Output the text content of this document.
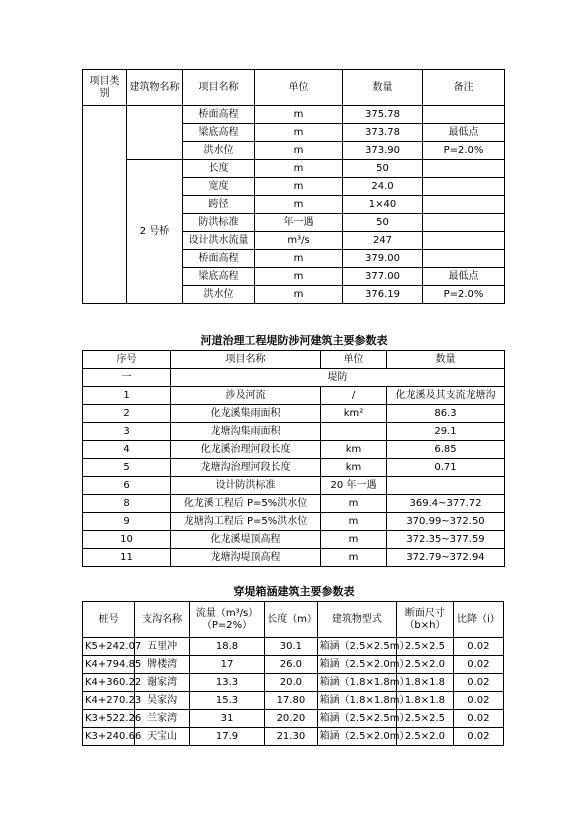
项目类别	建筑物名称	项目名称	单位	数量	备注
		桥面高程	m	375.78	
		梁底高程	m	373.78	最低点
		洪水位	m	373.90	P=2.0%
	2 号桥	长度	m	50	
		宽度	m	24.0	
		跨径	m	1×40	
		防洪标准	年一遇	50	
		设计洪水流量	m³/s	247	
		桥面高程	m	379.00	
		梁底高程	m	377.00	最低点
		洪水位	m	376.19	P=2.0%
河道治理工程堤防涉河建筑主要参数表
序号	项目名称	单位	数量
一	堤防		
1	涉及河流	/	化龙溪及其支流龙塘沟
2	化龙溪集雨面积	km²	86.3
3	龙塘沟集雨面积		29.1
4	化龙溪治理河段长度	km	6.85
5	龙塘沟治理河段长度	km	0.71
6	设计防洪标准	20 年一遇	
8	化龙溪工程后 P=5%洪水位	m	369.4~377.72
9	龙塘沟工程后 P=5%洪水位	m	370.99~372.50
10	化龙溪堤顶高程	m	372.35~377.59
11	龙塘沟堤顶高程	m	372.79~372.94
穿堤箱涵建筑主要参数表
桩号	支沟名称	流量（m³/s）（P=2%）	长度（m）	建筑物型式	断面尺寸（b×h）	比降（i）
K5+242.07	五里冲	18.8	30.1	箱涵（2.5×2.5m）	2.5×2.5	0.02
K4+794.85	牌楼湾	17	26.0	箱涵（2.5×2.0m）	2.5×2.0	0.02
K4+360.22	谢家湾	13.3	20.0	箱涵（1.8×1.8m）	1.8×1.8	0.02
K4+270.23	吴家沟	15.3	17.80	箱涵（1.8×1.8m）	1.8×1.8	0.02
K3+522.26	兰家湾	31	20.20	箱涵（2.5×2.5m）	2.5×2.5	0.02
K3+240.66	天宝山	17.9	21.30	箱涵（2.5×2.0m）	2.5×2.0	0.02
